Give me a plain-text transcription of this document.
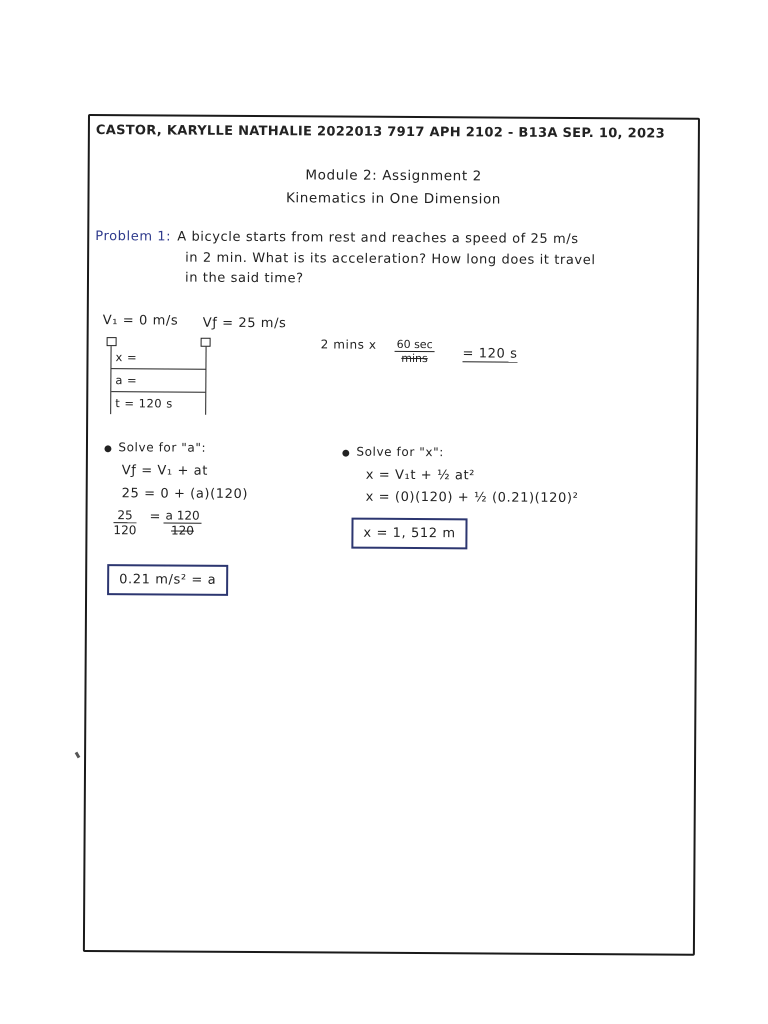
CASTOR, KARYLLE NATHALIE 2022013 7917 APH 2102 - B13A SEP. 10, 2023
Module 2: Assignment 2
Kinematics in One Dimension
Problem 1: A bicycle starts from rest and reaches a speed of 25 m/s
in 2 min. What is its acceleration? How long does it travel
in the said time?
V₁ = 0 m/s Vƒ = 25 m/s
x =
a =
t = 120 s
2 mins x 60 sec
mins	= 120 s
● Solve for "a":
Vƒ = V₁ + at
25 = 0 + (a)(120)
$\frac{25}{120} = \frac{a 120}{120}$
0.21 m/s² = a
● Solve for "x":
x = V₁t + ½ at²
x = (0)(120) + ½ (0.21)(120)²
x = 1, 512 m
